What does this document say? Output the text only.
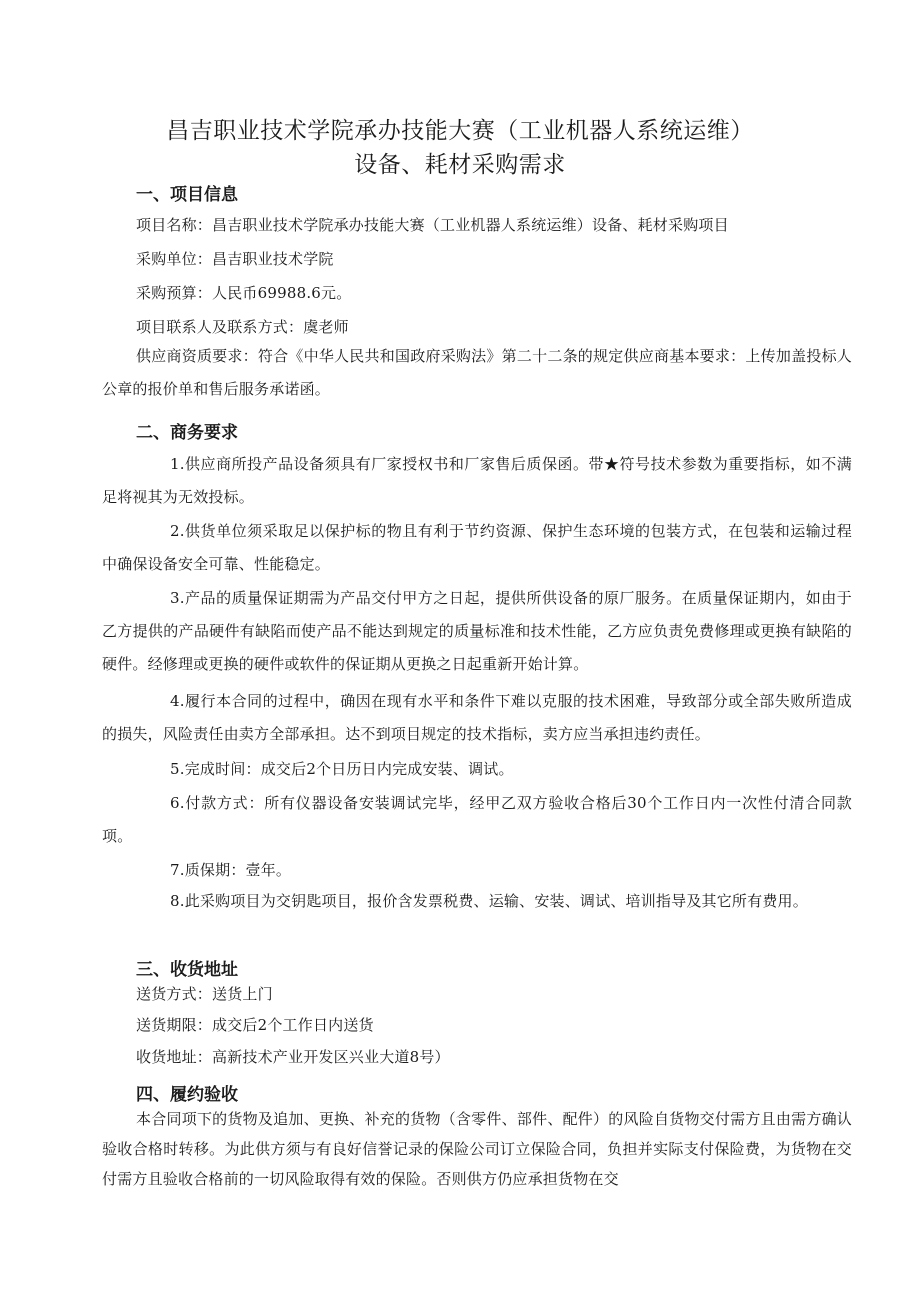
昌吉职业技术学院承办技能大赛（工业机器人系统运维）
设备、耗材采购需求
一、项目信息
项目名称：昌吉职业技术学院承办技能大赛（工业机器人系统运维）设备、耗材采购项目
采购单位：昌吉职业技术学院
采购预算：人民币69988.6元。
项目联系人及联系方式：虞老师
供应商资质要求：符合《中华人民共和国政府采购法》第二十二条的规定供应商基本要求：上传加盖投标人公章的报价单和售后服务承诺函。
二、商务要求
1.供应商所投产品设备须具有厂家授权书和厂家售后质保函。带★符号技术参数为重要指标，如不满足将视其为无效投标。
2.供货单位须采取足以保护标的物且有利于节约资源、保护生态环境的包装方式，在包装和运输过程中确保设备安全可靠、性能稳定。
3.产品的质量保证期需为产品交付甲方之日起，提供所供设备的原厂服务。在质量保证期内，如由于乙方提供的产品硬件有缺陷而使产品不能达到规定的质量标准和技术性能，乙方应负责免费修理或更换有缺陷的硬件。经修理或更换的硬件或软件的保证期从更换之日起重新开始计算。
4.履行本合同的过程中，确因在现有水平和条件下难以克服的技术困难，导致部分或全部失败所造成的损失，风险责任由卖方全部承担。达不到项目规定的技术指标，卖方应当承担违约责任。
5.完成时间：成交后2个日历日内完成安装、调试。
6.付款方式：所有仪器设备安装调试完毕，经甲乙双方验收合格后30个工作日内一次性付清合同款项。
7.质保期：壹年。
8.此采购项目为交钥匙项目，报价含发票税费、运输、安装、调试、培训指导及其它所有费用。
三、收货地址
送货方式：送货上门
送货期限：成交后2个工作日内送货
收货地址：高新技术产业开发区兴业大道8号）
四、履约验收
本合同项下的货物及追加、更换、补充的货物（含零件、部件、配件）的风险自货物交付需方且由需方确认验收合格时转移。为此供方须与有良好信誉记录的保险公司订立保险合同，负担并实际支付保险费，为货物在交付需方且验收合格前的一切风险取得有效的保险。否则供方仍应承担货物在交
